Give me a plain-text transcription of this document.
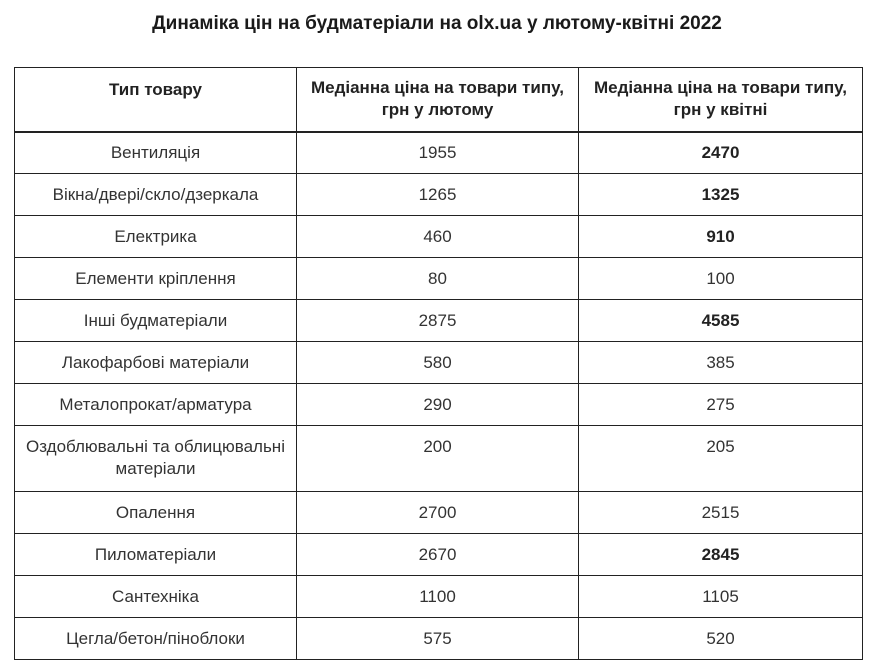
Динаміка цін на будматеріали на olx.ua у лютому-квітні 2022
Тип товару	Медіанна ціна на товари типу, грн у лютому	Медіанна ціна на товари типу, грн у квітні
Вентиляція	1955	2470
Вікна/двері/скло/дзеркала	1265	1325
Електрика	460	910
Елементи кріплення	80	100
Інші будматеріали	2875	4585
Лакофарбові матеріали	580	385
Металопрокат/арматура	290	275
Оздоблювальні та облицювальні матеріали	200	205
Опалення	2700	2515
Пиломатеріали	2670	2845
Сантехніка	1100	1105
Цегла/бетон/піноблоки	575	520
